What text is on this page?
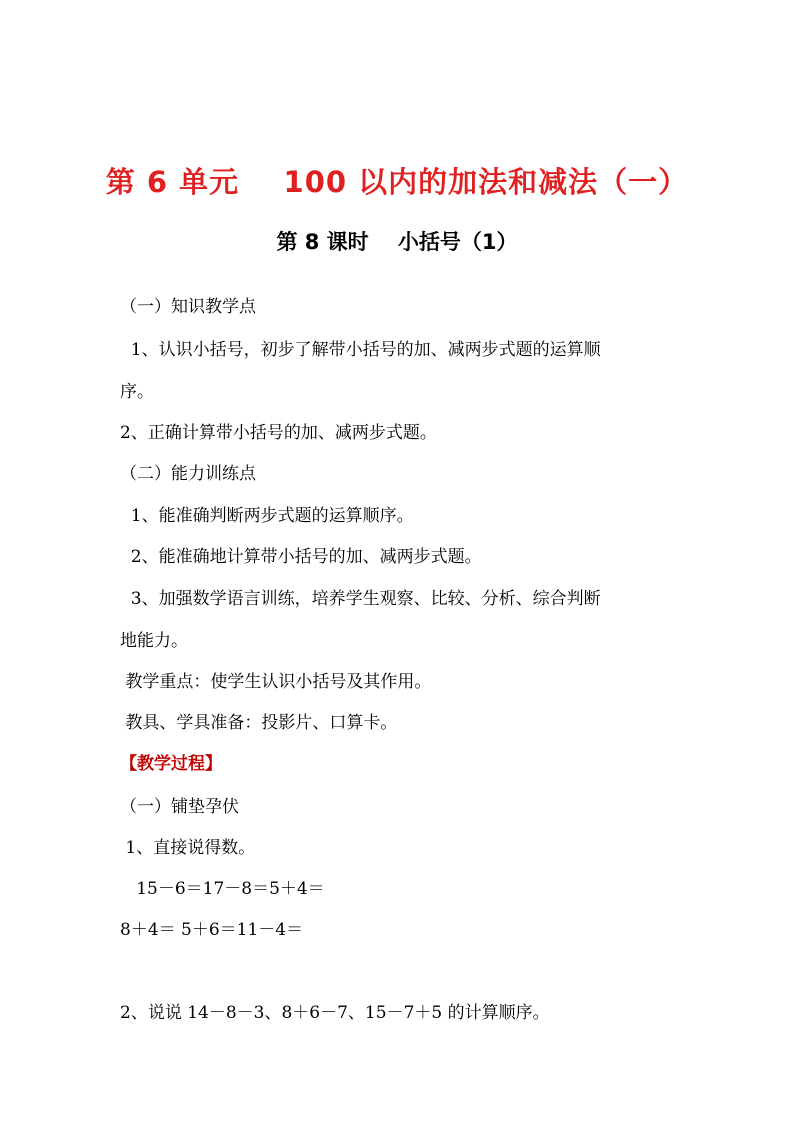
第 6 单元    100 以内的加法和减法（一）
第 8 课时    小括号（1）
（一）知识教学点
1、认识小括号，初步了解带小括号的加、减两步式题的运算顺
序。
2、正确计算带小括号的加、减两步式题。
（二）能力训练点
1、能准确判断两步式题的运算顺序。
2、能准确地计算带小括号的加、减两步式题。
3、加强数学语言训练，培养学生观察、比较、分析、综合判断
地能力。
教学重点：使学生认识小括号及其作用。
教具、学具准备：投影片、口算卡。
【教学过程】
（一）铺垫孕伏
1、直接说得数。
15－6＝17－8＝5＋4＝
8＋4＝ 5＋6＝11－4＝
2、说说 14－8－3、8＋6－7、15－7＋5 的计算顺序。
